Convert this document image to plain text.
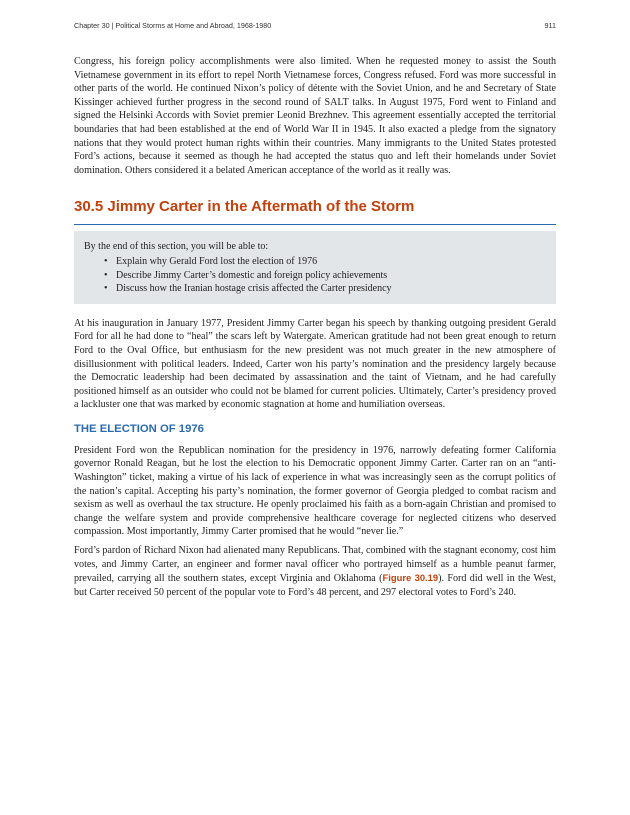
Chapter 30 | Political Storms at Home and Abroad, 1968-1980	911

Congress, his foreign policy accomplishments were also limited. When he requested money to assist the South Vietnamese government in its effort to repel North Vietnamese forces, Congress refused. Ford was more successful in other parts of the world. He continued Nixon’s policy of détente with the Soviet Union, and he and Secretary of State Kissinger achieved further progress in the second round of SALT talks. In August 1975, Ford went to Finland and signed the Helsinki Accords with Soviet premier Leonid Brezhnev. This agreement essentially accepted the territorial boundaries that had been established at the end of World War II in 1945. It also exacted a pledge from the signatory nations that they would protect human rights within their countries. Many immigrants to the United States protested Ford’s actions, because it seemed as though he had accepted the status quo and left their homelands under Soviet domination. Others considered it a belated American acceptance of the world as it really was.

30.5 Jimmy Carter in the Aftermath of the Storm
By the end of this section, you will be able to:
• Explain why Gerald Ford lost the election of 1976
• Describe Jimmy Carter’s domestic and foreign policy achievements
• Discuss how the Iranian hostage crisis affected the Carter presidency

At his inauguration in January 1977, President Jimmy Carter began his speech by thanking outgoing president Gerald Ford for all he had done to “heal” the scars left by Watergate. American gratitude had not been great enough to return Ford to the Oval Office, but enthusiasm for the new president was not much greater in the new atmosphere of disillusionment with political leaders. Indeed, Carter won his party’s nomination and the presidency largely because the Democratic leadership had been decimated by assassination and the taint of Vietnam, and he had carefully positioned himself as an outsider who could not be blamed for current policies. Ultimately, Carter’s presidency proved a lackluster one that was marked by economic stagnation at home and humiliation overseas.

THE ELECTION OF 1976

President Ford won the Republican nomination for the presidency in 1976, narrowly defeating former California governor Ronald Reagan, but he lost the election to his Democratic opponent Jimmy Carter. Carter ran on an “anti-Washington” ticket, making a virtue of his lack of experience in what was increasingly seen as the corrupt politics of the nation’s capital. Accepting his party’s nomination, the former governor of Georgia pledged to combat racism and sexism as well as overhaul the tax structure. He openly proclaimed his faith as a born-again Christian and promised to change the welfare system and provide comprehensive healthcare coverage for neglected citizens who deserved compassion. Most importantly, Jimmy Carter promised that he would “never lie.”

Ford’s pardon of Richard Nixon had alienated many Republicans. That, combined with the stagnant economy, cost him votes, and Jimmy Carter, an engineer and former naval officer who portrayed himself as a humble peanut farmer, prevailed, carrying all the southern states, except Virginia and Oklahoma (Figure 30.19). Ford did well in the West, but Carter received 50 percent of the popular vote to Ford’s 48 percent, and 297 electoral votes to Ford’s 240.
